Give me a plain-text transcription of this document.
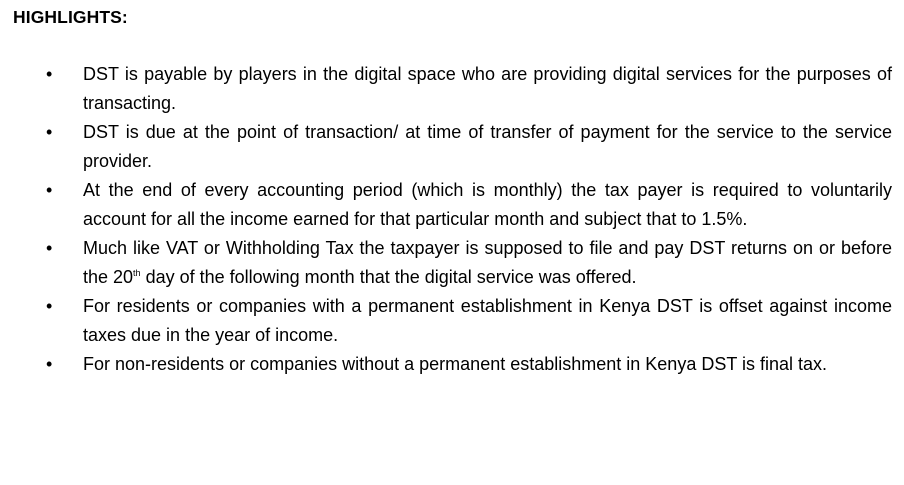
HIGHLIGHTS:
• DST is payable by players in the digital space who are providing digital services for the purposes of transacting.
• DST is due at the point of transaction/ at time of transfer of payment for the service to the service provider.
• At the end of every accounting period (which is monthly) the tax payer is required to voluntarily account for all the income earned for that particular month and subject that to 1.5%.
• Much like VAT or Withholding Tax the taxpayer is supposed to file and pay DST returns on or before the 20th day of the following month that the digital service was offered.
• For residents or companies with a permanent establishment in Kenya DST is offset against income taxes due in the year of income.
• For non-residents or companies without a permanent establishment in Kenya DST is final tax.
